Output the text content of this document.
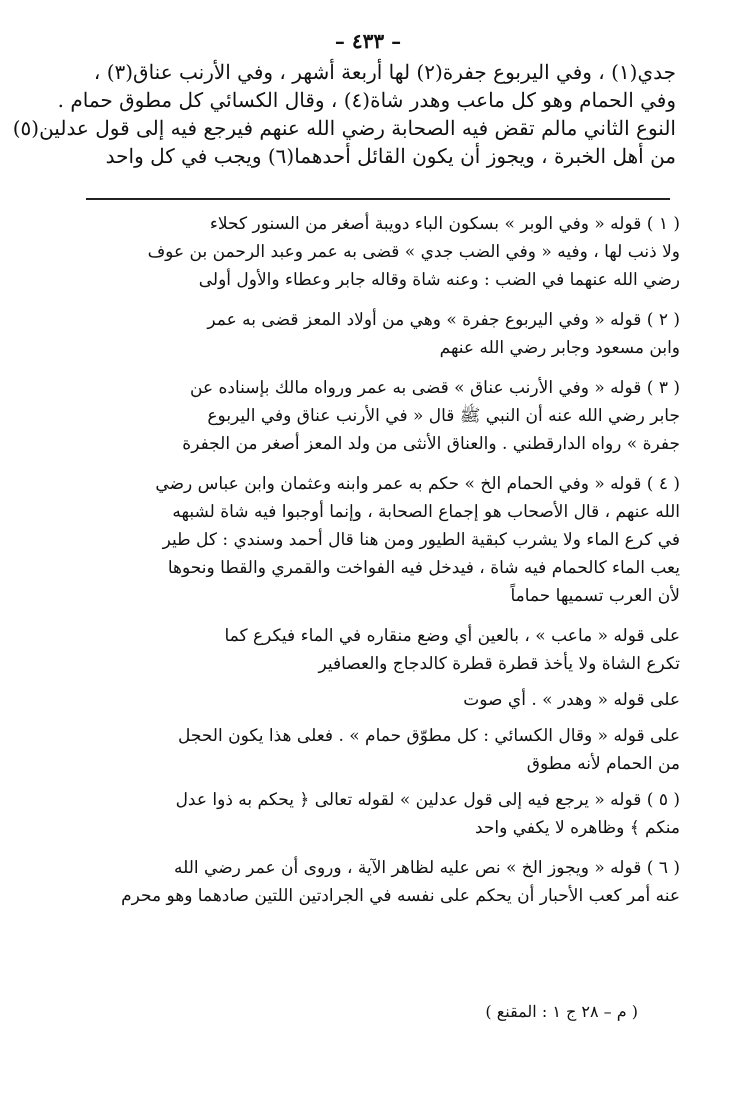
– ٤٣٣ –
جدي(١) ، وفي اليربوع جفرة(٢) لها أربعة أشهر ، وفي الأرنب عناق(٣) ،
وفي الحمام وهو كل ماعب وهدر شاة(٤) ، وقال الكسائي كل مطوق حمام .
النوع الثاني مالم تقض فيه الصحابة رضي الله عنهم فيرجع فيه إلى قول عدلين(٥)
من أهل الخبرة ، ويجوز أن يكون القائل أحدهما(٦) ويجب في كل واحد
( ١ ) قوله « وفي الوبر » بسكون الباء دويبة أصغر من السنور كحلاء
ولا ذنب لها ، وفيه « وفي الضب جدي » قضى به عمر وعبد الرحمن بن عوف
رضي الله عنهما في الضب : وعنه شاة وقاله جابر وعطاء والأول أولى
( ٢ ) قوله « وفي اليربوع جفرة » وهي من أولاد المعز قضى به عمر
وابن مسعود وجابر رضي الله عنهم
( ٣ ) قوله « وفي الأرنب عناق » قضى به عمر ورواه مالك بإسناده عن
جابر رضي الله عنه أن النبي ﷺ قال « في الأرنب عناق وفي اليربوع
جفرة » رواه الدارقطني . والعناق الأنثى من ولد المعز أصغر من الجفرة
( ٤ ) قوله « وفي الحمام الخ » حكم به عمر وابنه وعثمان وابن عباس رضي
الله عنهم ، قال الأصحاب هو إجماع الصحابة ، وإنما أوجبوا فيه شاة لشبهه
في كرع الماء ولا يشرب كبقية الطيور ومن هنا قال أحمد وسندي : كل طير
يعب الماء كالحمام فيه شاة ، فيدخل فيه الفواخت والقمري والقطا ونحوها
لأن العرب تسميها حماماً
على قوله « ماعب » ، بالعين أي وضع منقاره في الماء فيكرع كما
تكرع الشاة ولا يأخذ قطرة قطرة كالدجاج والعصافير
على قوله « وهدر » . أي صوت
على قوله « وقال الكسائي : كل مطوّق حمام » . فعلى هذا يكون الحجل
من الحمام لأنه مطوق
( ٥ ) قوله « يرجع فيه إلى قول عدلين » لقوله تعالى ﴿ يحكم به ذوا عدل
منكم ﴾ وظاهره لا يكفي واحد
( ٦ ) قوله « ويجوز الخ » نص عليه لظاهر الآية ، وروى أن عمر رضي الله
عنه أمر كعب الأحبار أن يحكم على نفسه في الجرادتين اللتين صادهما وهو محرم
( م – ٢٨ ج ١ : المقنع )
